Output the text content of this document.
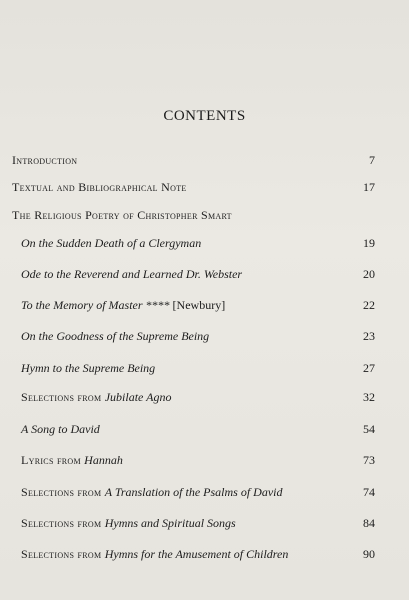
CONTENTS
Introduction	7
Textual and Bibliographical Note	17
The Religious Poetry of Christopher Smart
On the Sudden Death of a Clergyman	19
Ode to the Reverend and Learned Dr. Webster	20
To the Memory of Master **** [Newbury]	22
On the Goodness of the Supreme Being	23
Hymn to the Supreme Being	27
Selections from Jubilate Agno	32
A Song to David	54
Lyrics from Hannah	73
Selections from A Translation of the Psalms of David	74
Selections from Hymns and Spiritual Songs	84
Selections from Hymns for the Amusement of Children	90
